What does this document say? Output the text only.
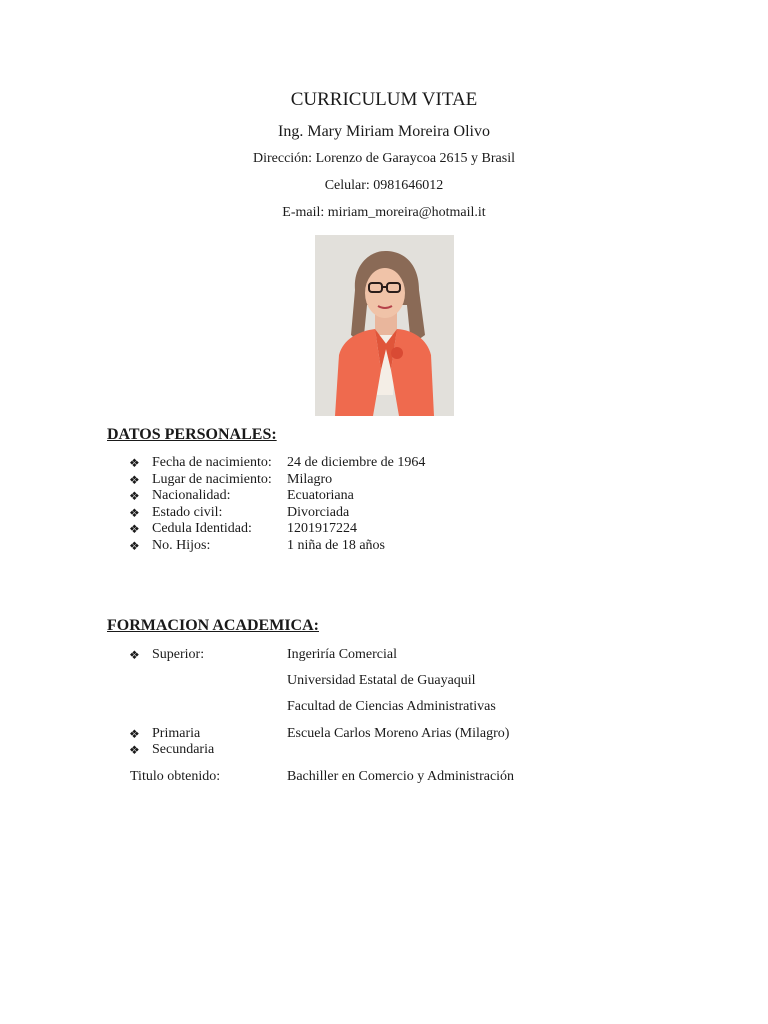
CURRICULUM VITAE
Ing. Mary Miriam Moreira Olivo
Dirección: Lorenzo de Garaycoa 2615 y Brasil
Celular: 0981646012
E-mail: miriam_moreira@hotmail.it
DATOS PERSONALES:
❖ Fecha de nacimiento: 24 de diciembre de 1964
❖ Lugar de nacimiento: Milagro
❖ Nacionalidad:	Ecuatoriana
❖ Estado civil:	Divorciada
❖ Cedula Identidad:	1201917224
❖ No. Hijos:	1 niña de 18 años
FORMACION ACADEMICA:
❖ Superior:	Ingeriría Comercial
Universidad Estatal de Guayaquil
Facultad de Ciencias Administrativas
❖ Primaria	Escuela Carlos Moreno Arias (Milagro)
❖ Secundaria
Titulo obtenido:	Bachiller en Comercio y Administración
